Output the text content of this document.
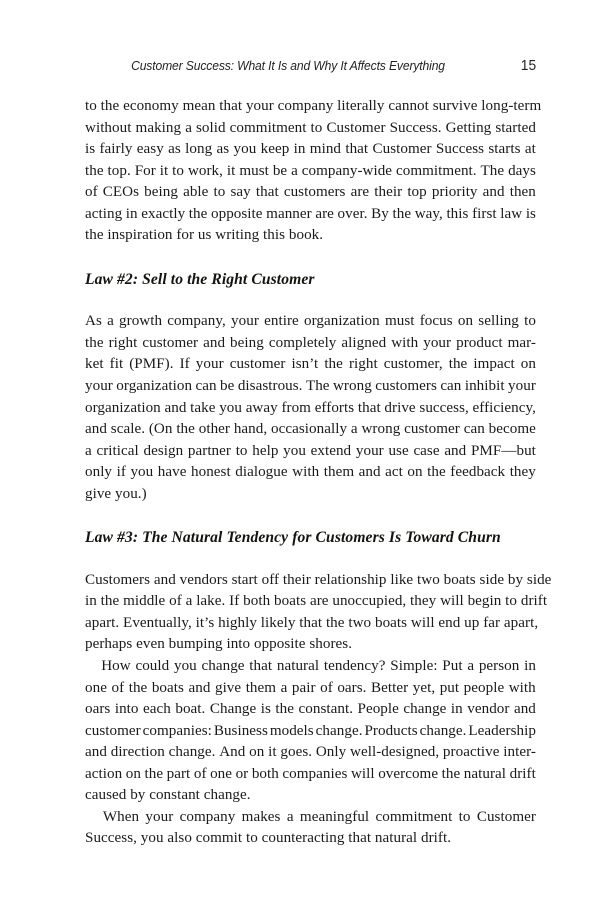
Customer Success: What It Is and Why It Affects Everything	15

to the economy mean that your company literally cannot survive long-term
without making a solid commitment to Customer Success. Getting started
is fairly easy as long as you keep in mind that Customer Success starts at
the top. For it to work, it must be a company-wide commitment. The days
of CEOs being able to say that customers are their top priority and then
acting in exactly the opposite manner are over. By the way, this first law is
the inspiration for us writing this book.

Law #2: Sell to the Right Customer

As a growth company, your entire organization must focus on selling to
the right customer and being completely aligned with your product mar-
ket fit (PMF). If your customer isn’t the right customer, the impact on
your organization can be disastrous. The wrong customers can inhibit your
organization and take you away from efforts that drive success, efficiency,
and scale. (On the other hand, occasionally a wrong customer can become
a critical design partner to help you extend your use case and PMF—but
only if you have honest dialogue with them and act on the feedback they
give you.)

Law #3: The Natural Tendency for Customers Is Toward Churn

Customers and vendors start off their relationship like two boats side by side
in the middle of a lake. If both boats are unoccupied, they will begin to drift
apart. Eventually, it’s highly likely that the two boats will end up far apart,
perhaps even bumping into opposite shores.

How could you change that natural tendency? Simple: Put a person in
one of the boats and give them a pair of oars. Better yet, put people with
oars into each boat. Change is the constant. People change in vendor and
customer companies: Business models change. Products change. Leadership
and direction change. And on it goes. Only well-designed, proactive inter-
action on the part of one or both companies will overcome the natural drift
caused by constant change.

When your company makes a meaningful commitment to Customer
Success, you also commit to counteracting that natural drift.
